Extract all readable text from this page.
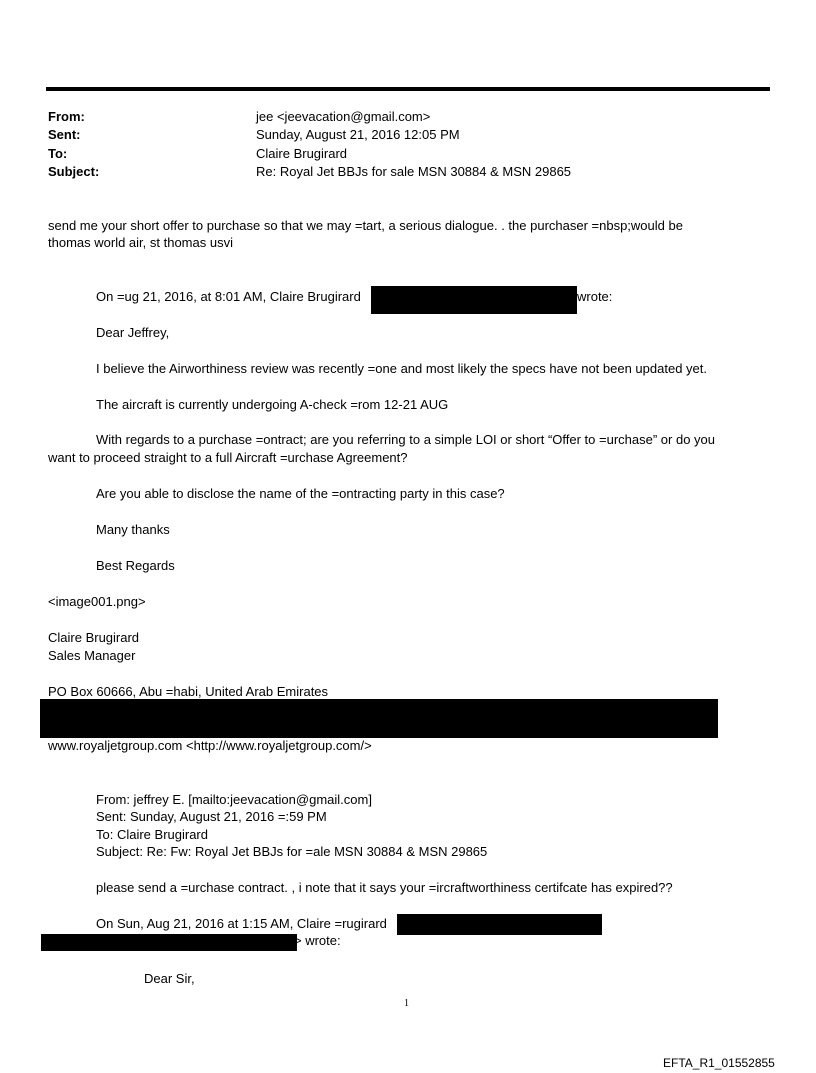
From:	jee <jeevacation@gmail.com>
Sent:	Sunday, August 21, 2016 12:05 PM
To:	Claire Brugirard
Subject:	Re: Royal Jet BBJs for sale MSN 30884 & MSN 29865
send me your short offer to purchase so that we may =tart, a serious dialogue. . the purchaser =nbsp;would be
thomas world air, st thomas usvi
On =ug 21, 2016, at 8:01 AM, Claire Brugirard	wrote:
Dear Jeffrey,
I believe the Airworthiness review was recently =one and most likely the specs have not been updated yet.
The aircraft is currently undergoing A-check =rom 12-21 AUG
With regards to a purchase =ontract; are you referring to a simple LOI or short “Offer to =urchase” or do you
want to proceed straight to a full Aircraft =urchase Agreement?
Are you able to disclose the name of the =ontracting party in this case?
Many thanks
Best Regards
<image001.png>
Claire Brugirard
Sales Manager
PO Box 60666, Abu =habi, United Arab Emirates
www.royaljetgroup.com <http://www.royaljetgroup.com/>
From: jeffrey E. [mailto:jeevacation@gmail.com]
Sent: Sunday, August 21, 2016 =:59 PM
To: Claire Brugirard
Subject: Re: Fw: Royal Jet BBJs for =ale MSN 30884 & MSN 29865
please send a =urchase contract. , i note that it says your =ircraftworthiness certifcate has expired??
On Sun, Aug 21, 2016 at 1:15 AM, Claire =rugirard
> wrote:
Dear Sir,
1
EFTA_R1_01552855
